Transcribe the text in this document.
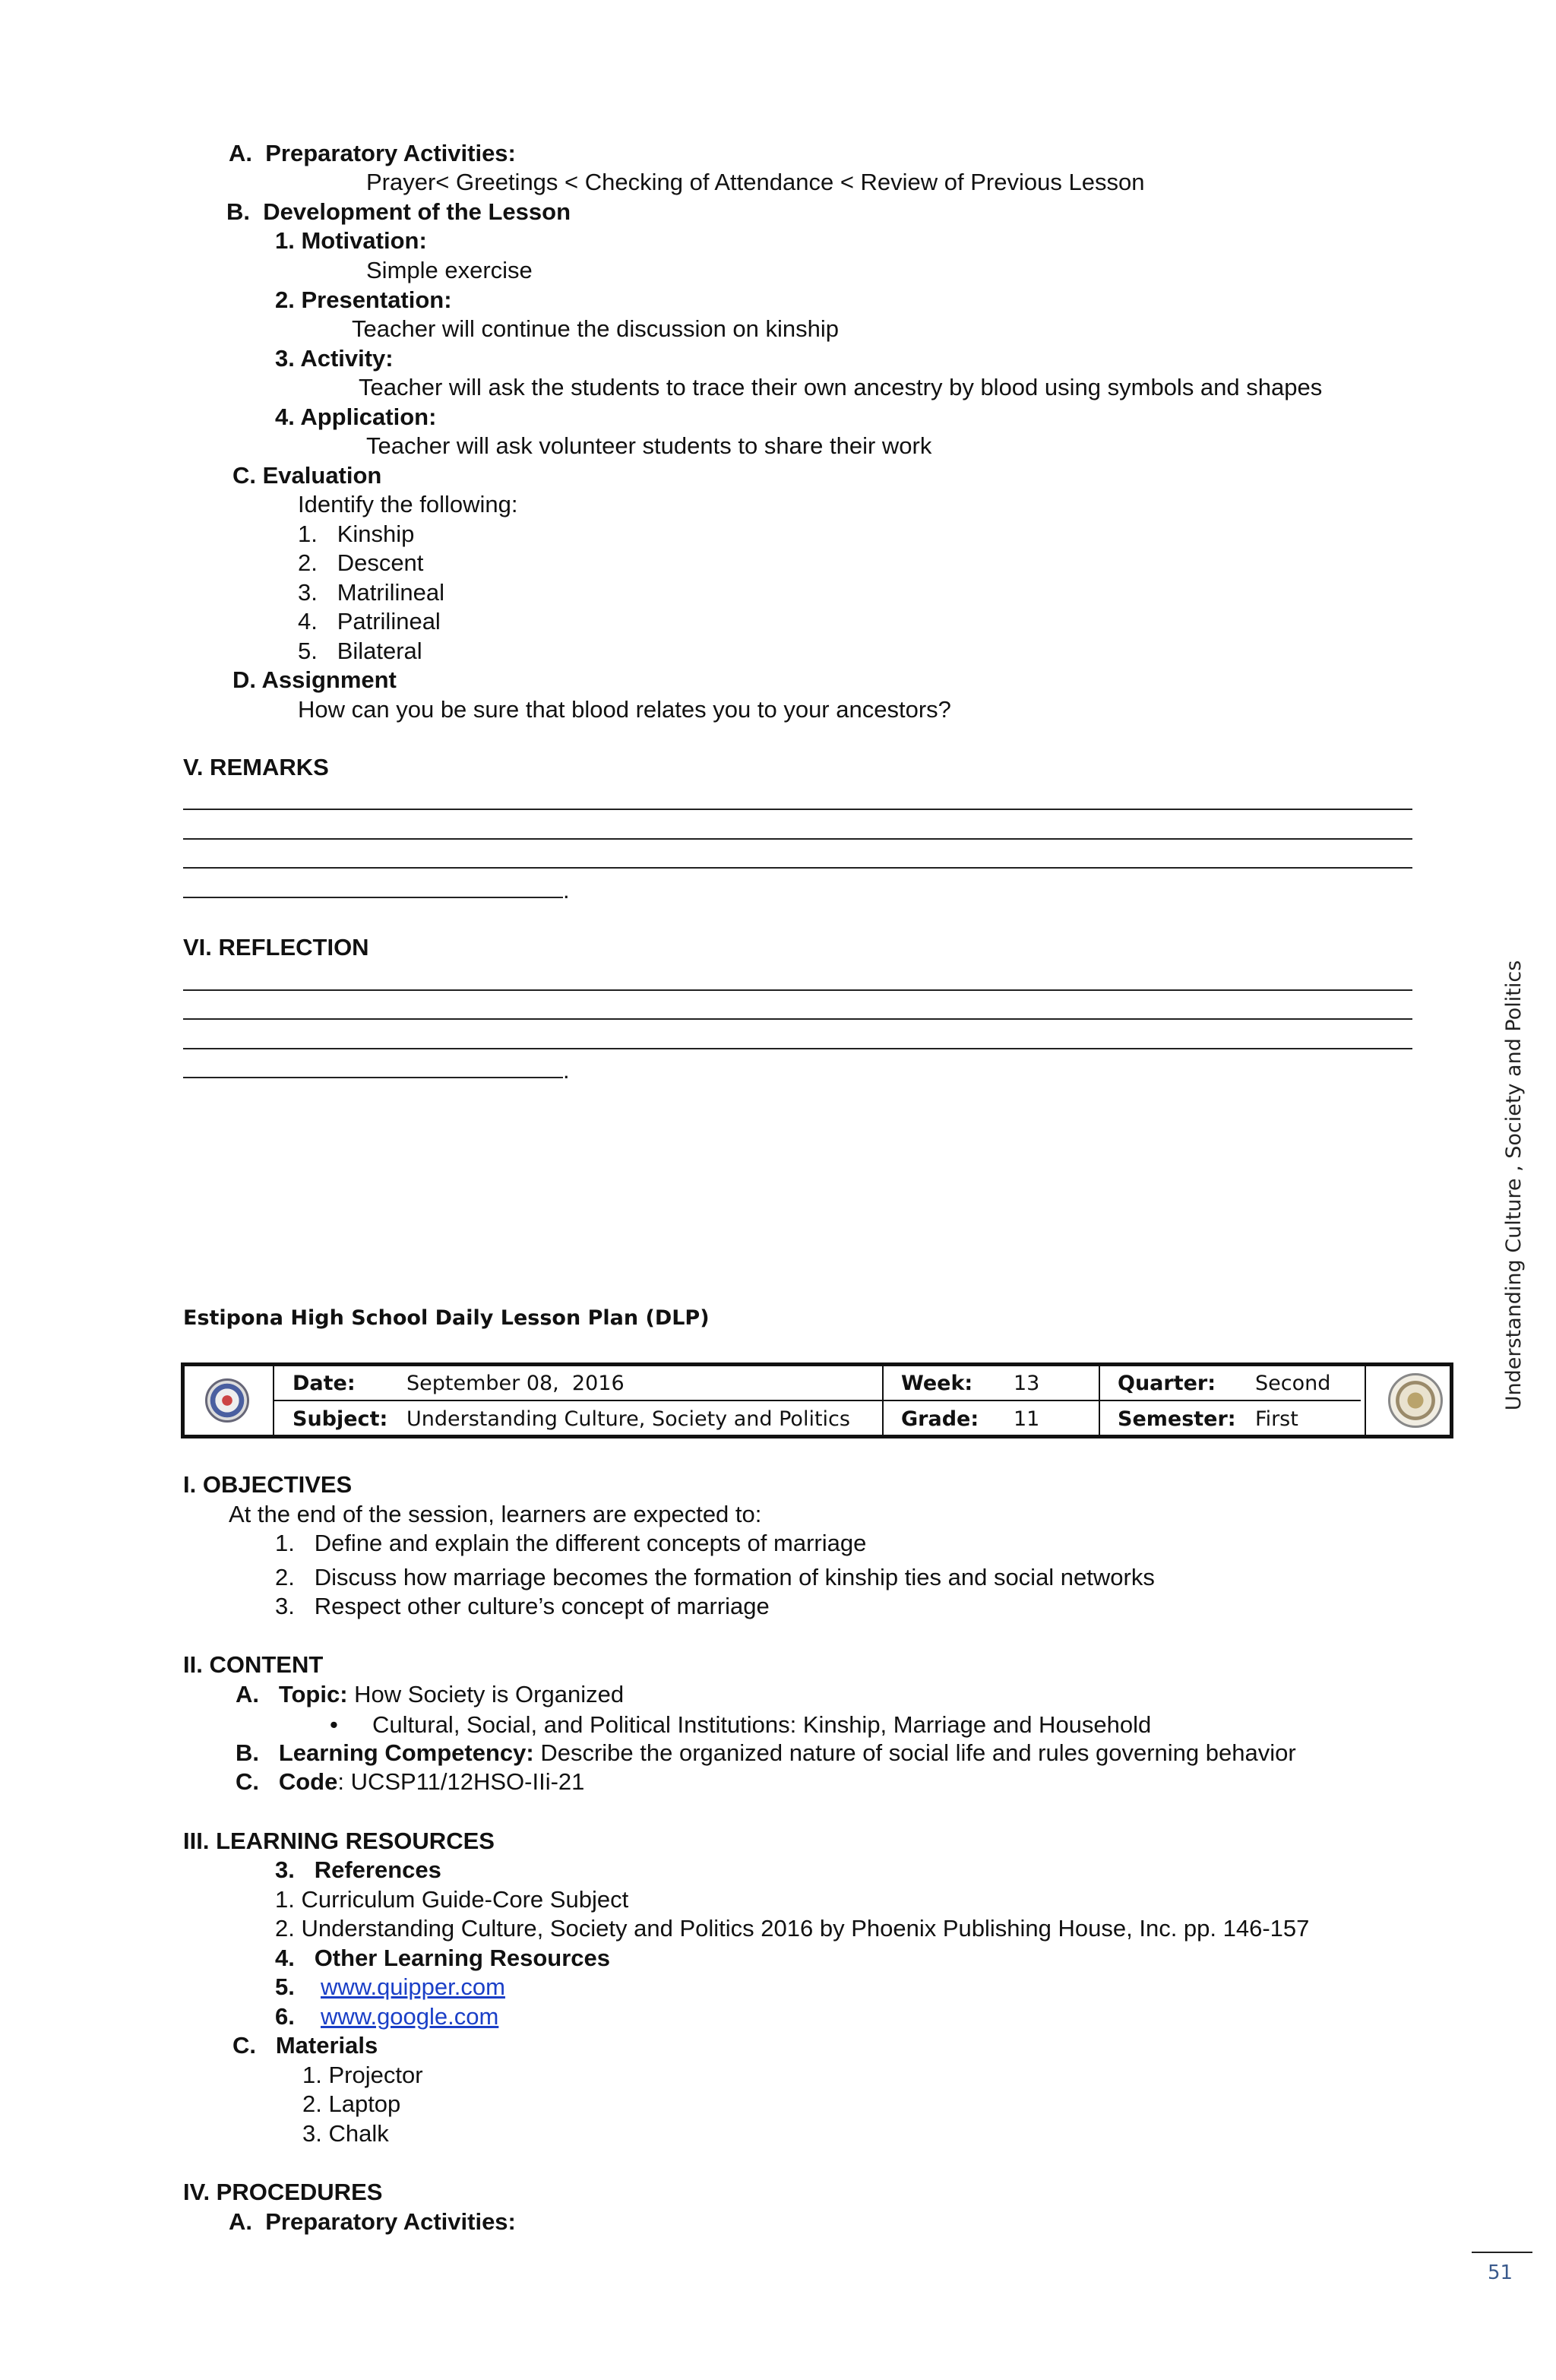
A.  Preparatory Activities:
Prayer< Greetings < Checking of Attendance < Review of Previous Lesson
B.  Development of the Lesson
1. Motivation:
Simple exercise
2. Presentation:
Teacher will continue the discussion on kinship
3. Activity:
Teacher will ask the students to trace their own ancestry by blood using symbols and shapes
4. Application:
Teacher will ask volunteer students to share their work
C. Evaluation
Identify the following:
1.   Kinship
2.   Descent
3.   Matrilineal
4.   Patrilineal
5.   Bilateral
D. Assignment
How can you be sure that blood relates you to your ancestors?
V. REMARKS
.
VI. REFLECTION
.
Estipona High School Daily Lesson Plan (DLP)
Date: September 08,  2016	Week: 13	Quarter: Second
Subject: Understanding Culture, Society and Politics Grade: 11	Semester: First
I. OBJECTIVES
At the end of the session, learners are expected to:
1.   Define and explain the different concepts of marriage
2.   Discuss how marriage becomes the formation of kinship ties and social networks
3.   Respect other culture’s concept of marriage
II. CONTENT
A.   Topic: How Society is Organized
• Cultural, Social, and Political Institutions: Kinship, Marriage and Household
B.   Learning Competency: Describe the organized nature of social life and rules governing behavior
C.   Code: UCSP11/12HSO-IIi-21
III. LEARNING RESOURCES
3.   References
1. Curriculum Guide-Core Subject
2. Understanding Culture, Society and Politics 2016 by Phoenix Publishing House, Inc. pp. 146-157
4.   Other Learning Resources
5. www.quipper.com
6. www.google.com
C.   Materials
1. Projector
2. Laptop
3. Chalk
IV. PROCEDURES
A.  Preparatory Activities:
Understanding Culture , Society and Politics
51
